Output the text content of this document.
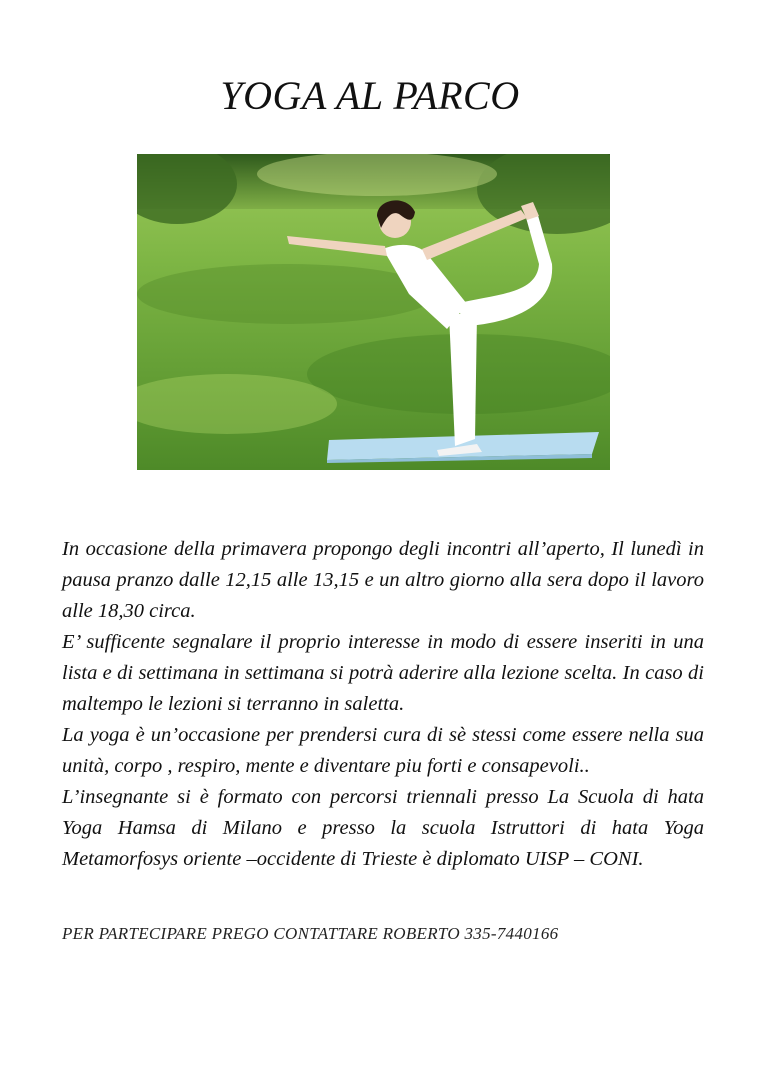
YOGA AL PARCO

In occasione della primavera propongo degli incontri all’aperto, Il lunedì in pausa pranzo dalle 12,15 alle 13,15 e un altro giorno alla sera dopo il lavoro alle 18,30 circa.

E’ sufficente segnalare il proprio interesse in modo di essere inseriti in una lista e di settimana in settimana si potrà aderire alla lezione scelta. In caso di maltempo le lezioni si terranno in saletta.

La yoga è un’occasione per prendersi cura di sè stessi come essere nella sua unità, corpo , respiro, mente e diventare piu forti e consapevoli..

L’insegnante si è formato con percorsi triennali presso La Scuola di hata Yoga Hamsa di Milano e presso la scuola Istruttori di hata Yoga Metamorfosys oriente –occidente di Trieste è diplomato UISP – CONI.

PER PARTECIPARE PREGO CONTATTARE ROBERTO 335-7440166
